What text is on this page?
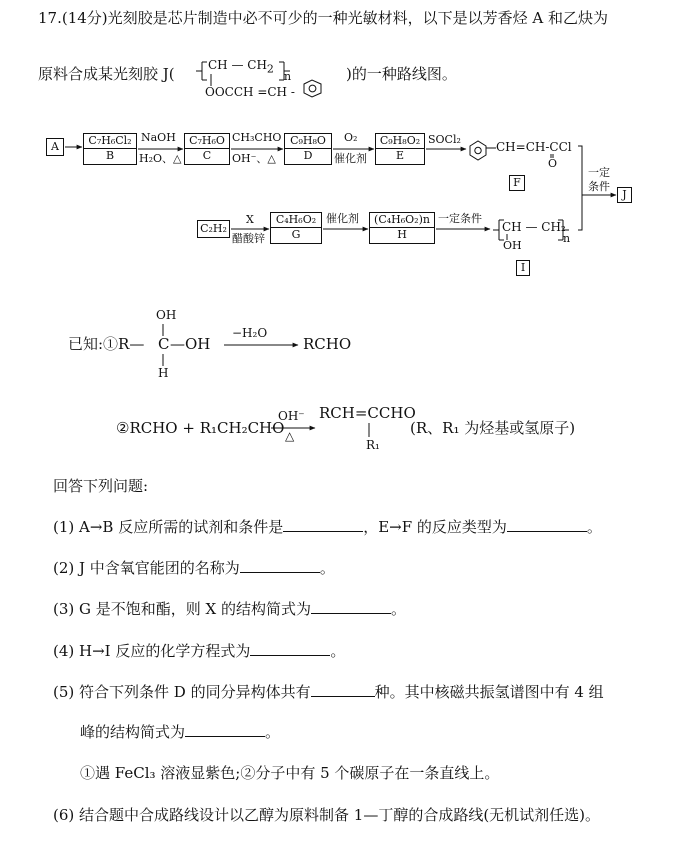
17.(14分)光刻胶是芯片制造中必不可少的一种光敏材料，以下是以芳香烃 A 和乙炔为
原料合成某光刻胶 J(	CH — $CH_2$
n
OOCCH =CH -
)的一种路线图。
A	C₇H₆Cl₂
B
NaOH
H₂O、△
C₇H₆O
C
CH₃CHO
OH⁻、△
C₉H₈O
D
O₂
催化剂
C₉H₈O₂
E
SOCl₂
CH=CH-CCl
O
F
一定
条件
J
C₂H₂
X
醋酸锌
C₄H₆O₂
G
催化剂	(C₄H₆O₂)n
H
一定条件
CH — CH₂
n
OH
I
已知:①R— C —OH
OH
H
−H₂O
RCHO
②RCHO + R₁CH₂CHO
OH⁻
△
RCH=CCHO
R₁
(R、R₁ 为烃基或氢原子)
回答下列问题:
(1) A→B 反应所需的试剂和条件是	，E→F 的反应类型为	。
(2) J 中含氧官能团的名称为	。
(3) G 是不饱和酯，则 X 的结构简式为	。
(4) H→I 反应的化学方程式为	。
(5) 符合下列条件 D 的同分异构体共有	种。其中核磁共振氢谱图中有 4 组
峰的结构简式为	。
①遇 FeCl₃ 溶液显紫色;②分子中有 5 个碳原子在一条直线上。
(6) 结合题中合成路线设计以乙醇为原料制备 1—丁醇的合成路线(无机试剂任选)。
